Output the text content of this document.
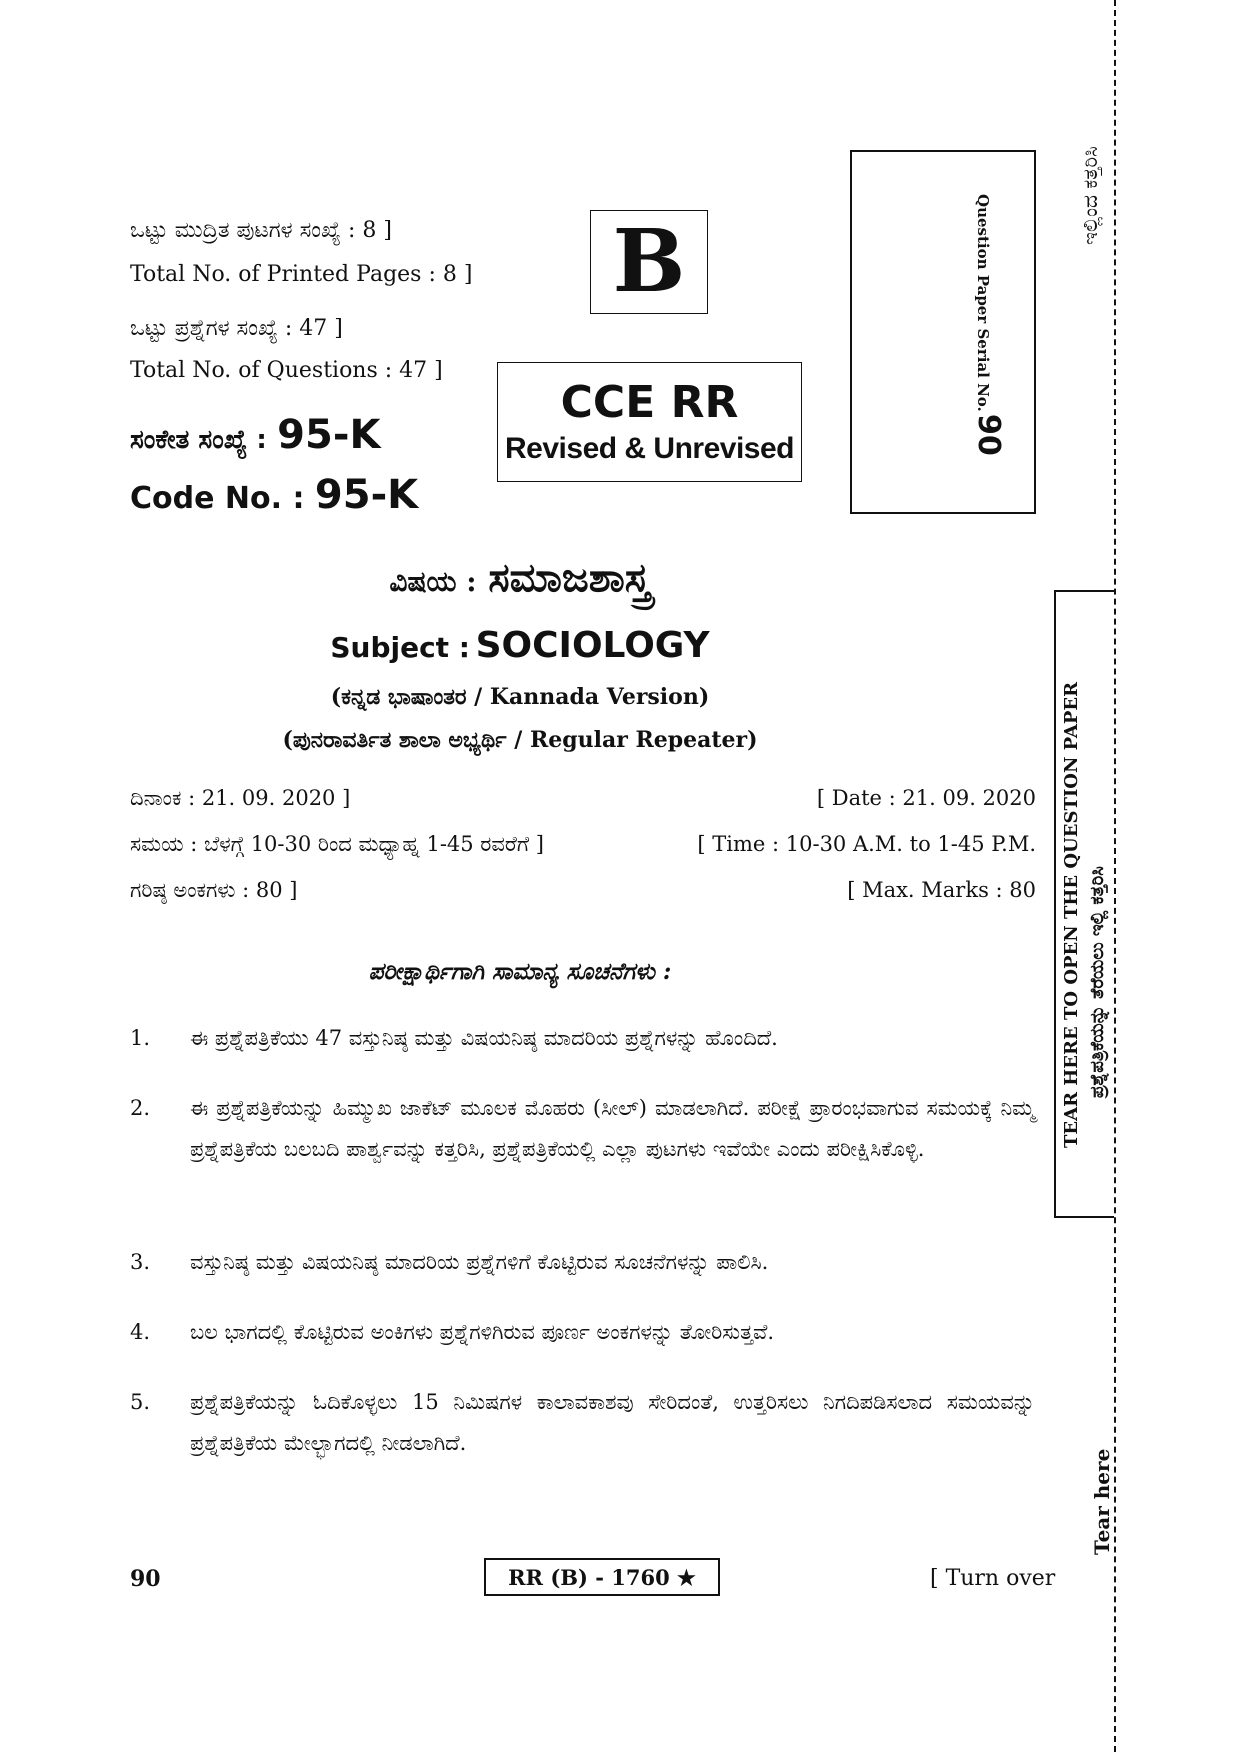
ಒಟ್ಟು ಮುದ್ರಿತ ಪುಟಗಳ ಸಂಖ್ಯೆ : 8 ]
Total No. of Printed Pages : 8 ]
ಒಟ್ಟು ಪ್ರಶ್ನೆಗಳ ಸಂಖ್ಯೆ : 47 ]
Total No. of Questions : 47 ]
ಸಂಕೇತ ಸಂಖ್ಯೆ : 95-K
Code No. : 95-K
B
CCE RR
Revised & Unrevised
Question Paper Serial No.
90
ಇಲ್ಲಿಂದ ಕತ್ತರಿಸಿ
TEAR HERE TO OPEN THE QUESTION PAPER ಪ್ರಶ್ನೆಪತ್ರಿಕೆಯನ್ನು ತೆರೆಯಲು ಇಲ್ಲಿ ಕತ್ತರಿಸಿ
Tear here
ವಿಷಯ : ಸಮಾಜಶಾಸ್ತ್ರ
Subject : SOCIOLOGY
(ಕನ್ನಡ ಭಾಷಾಂತರ / Kannada Version)
(ಪುನರಾವರ್ತಿತ ಶಾಲಾ ಅಭ್ಯರ್ಥಿ / Regular Repeater)
ದಿನಾಂಕ : 21. 09. 2020 ]	[ Date : 21. 09. 2020
ಸಮಯ : ಬೆಳಗ್ಗೆ 10-30 ರಿಂದ ಮಧ್ಯಾಹ್ನ 1-45 ರವರೆಗೆ ]	[ Time : 10-30 A.M. to 1-45 P.M.
ಗರಿಷ್ಠ ಅಂಕಗಳು : 80 ]	[ Max. Marks : 80
ಪರೀಕ್ಷಾರ್ಥಿಗಾಗಿ ಸಾಮಾನ್ಯ ಸೂಚನೆಗಳು :
1. ಈ ಪ್ರಶ್ನೆಪತ್ರಿಕೆಯು 47 ವಸ್ತುನಿಷ್ಠ ಮತ್ತು ವಿಷಯನಿಷ್ಠ ಮಾದರಿಯ ಪ್ರಶ್ನೆಗಳನ್ನು ಹೊಂದಿದೆ.
2. ಈ ಪ್ರಶ್ನೆಪತ್ರಿಕೆಯನ್ನು ಹಿಮ್ಮುಖ ಜಾಕೆಟ್ ಮೂಲಕ ಮೊಹರು (ಸೀಲ್) ಮಾಡಲಾಗಿದೆ. ಪರೀಕ್ಷೆ ಪ್ರಾರಂಭವಾಗುವ ಸಮಯಕ್ಕೆ ನಿಮ್ಮ ಪ್ರಶ್ನೆಪತ್ರಿಕೆಯ ಬಲಬದಿ ಪಾರ್ಶ್ವವನ್ನು ಕತ್ತರಿಸಿ, ಪ್ರಶ್ನೆಪತ್ರಿಕೆಯಲ್ಲಿ ಎಲ್ಲಾ ಪುಟಗಳು ಇವೆಯೇ ಎಂದು ಪರೀಕ್ಷಿಸಿಕೊಳ್ಳಿ.
3. ವಸ್ತುನಿಷ್ಠ ಮತ್ತು ವಿಷಯನಿಷ್ಠ ಮಾದರಿಯ ಪ್ರಶ್ನೆಗಳಿಗೆ ಕೊಟ್ಟಿರುವ ಸೂಚನೆಗಳನ್ನು ಪಾಲಿಸಿ.
4. ಬಲ ಭಾಗದಲ್ಲಿ ಕೊಟ್ಟಿರುವ ಅಂಕಿಗಳು ಪ್ರಶ್ನೆಗಳಿಗಿರುವ ಪೂರ್ಣ ಅಂಕಗಳನ್ನು ತೋರಿಸುತ್ತವೆ.
5. ಪ್ರಶ್ನೆಪತ್ರಿಕೆಯನ್ನು ಓದಿಕೊಳ್ಳಲು 15 ನಿಮಿಷಗಳ ಕಾಲಾವಕಾಶವು ಸೇರಿದಂತೆ, ಉತ್ತರಿಸಲು ನಿಗದಿಪಡಿಸಲಾದ ಸಮಯವನ್ನು ಪ್ರಶ್ನೆಪತ್ರಿಕೆಯ ಮೇಲ್ಭಾಗದಲ್ಲಿ ನೀಡಲಾಗಿದೆ.
90	RR (B) - 1760 ★	[ Turn over
